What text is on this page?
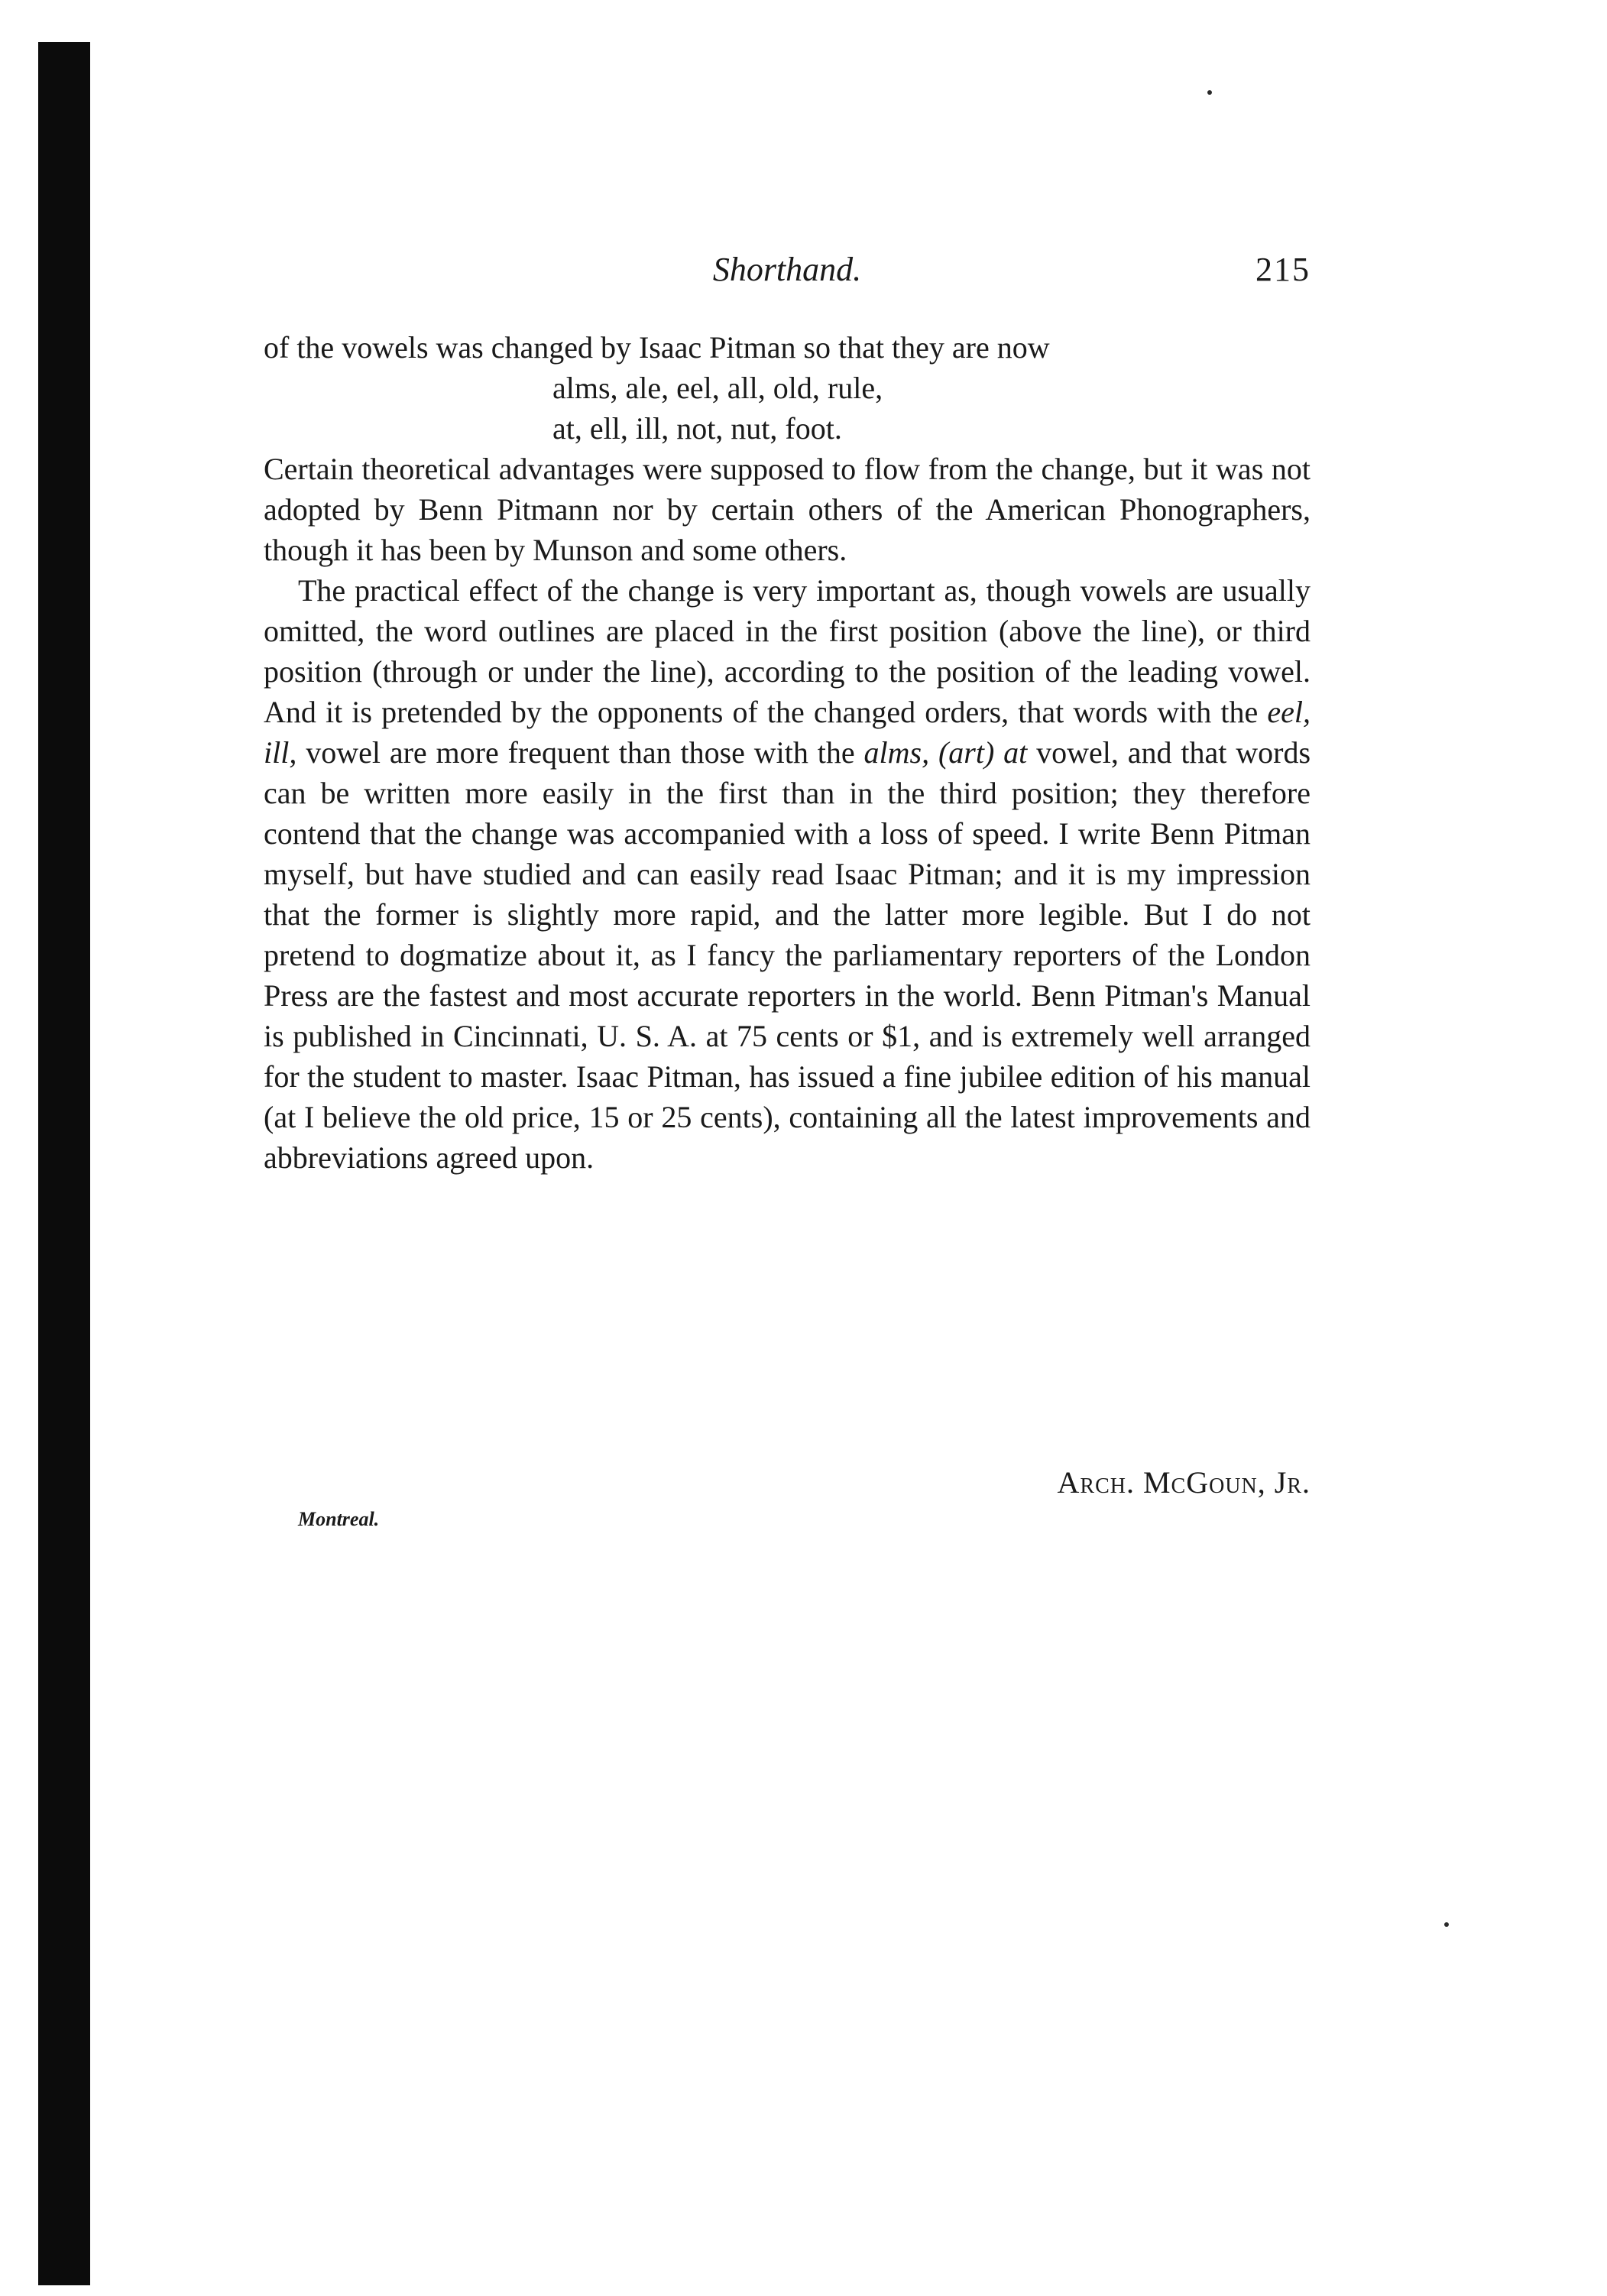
Shorthand.	215

of the vowels was changed by Isaac Pitman so that they are now

alms, ale, eel, all, old, rule,

at, ell, ill, not, nut, foot.

Certain theoretical advantages were supposed to flow from the change, but it was not adopted by Benn Pitmann nor by certain others of the American Phonographers, though it has been by Munson and some others.

The practical effect of the change is very important as, though vowels are usually omitted, the word outlines are placed in the first position (above the line), or third position (through or under the line), according to the position of the leading vowel. And it is pretended by the opponents of the changed orders, that words with the eel, ill, vowel are more frequent than those with the alms, (art) at vowel, and that words can be written more easily in the first than in the third position; they therefore contend that the change was accompanied with a loss of speed. I write Benn Pitman myself, but have studied and can easily read Isaac Pitman; and it is my impression that the former is slightly more rapid, and the latter more legible. But I do not pretend to dogmatize about it, as I fancy the parliamentary reporters of the London Press are the fastest and most accurate reporters in the world. Benn Pitman's Manual is published in Cincinnati, U. S. A. at 75 cents or $1, and is extremely well arranged for the student to master. Isaac Pitman, has issued a fine jubilee edition of his manual (at I believe the old price, 15 or 25 cents), containing all the latest improvements and abbreviations agreed upon.

Arch. McGoun, Jr.
Montreal.
